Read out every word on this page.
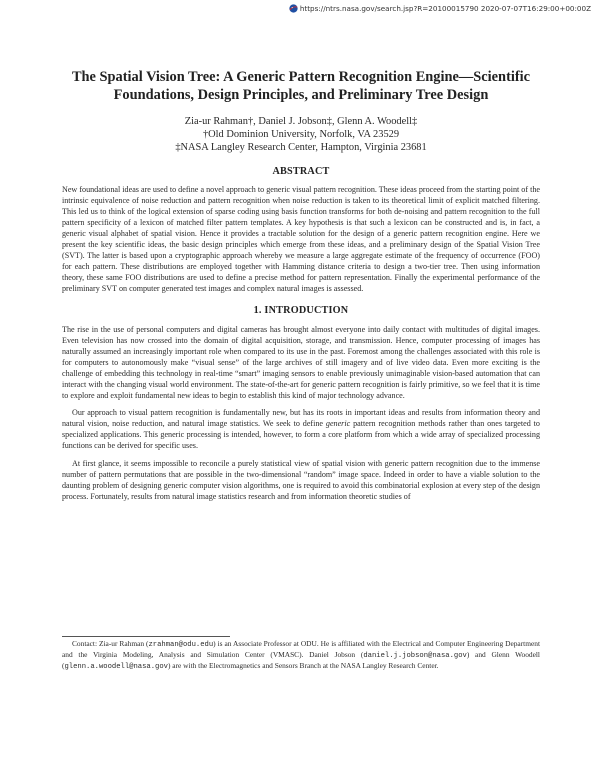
https://ntrs.nasa.gov/search.jsp?R=20100015790 2020-07-07T16:29:00+00:00Z
The Spatial Vision Tree: A Generic Pattern Recognition Engine—Scientific Foundations, Design Principles, and Preliminary Tree Design
Zia-ur Rahman†, Daniel J. Jobson‡, Glenn A. Woodell‡
†Old Dominion University, Norfolk, VA 23529
‡NASA Langley Research Center, Hampton, Virginia 23681
ABSTRACT

New foundational ideas are used to define a novel approach to generic visual pattern recognition. These ideas proceed from the starting point of the intrinsic equivalence of noise reduction and pattern recognition when noise reduction is taken to its theoretical limit of explicit matched filtering. This led us to think of the logical extension of sparse coding using basis function transforms for both de-noising and pattern recognition to the full pattern specificity of a lexicon of matched filter pattern templates. A key hypothesis is that such a lexicon can be constructed and is, in fact, a generic visual alphabet of spatial vision. Hence it provides a tractable solution for the design of a generic pattern recognition engine. Here we present the key scientific ideas, the basic design principles which emerge from these ideas, and a preliminary design of the Spatial Vision Tree (SVT). The latter is based upon a cryptographic approach whereby we measure a large aggregate estimate of the frequency of occurrence (FOO) for each pattern. These distributions are employed together with Hamming distance criteria to design a two-tier tree. Then using information theory, these same FOO distributions are used to define a precise method for pattern representation. Finally the experimental performance of the preliminary SVT on computer generated test images and complex natural images is assessed.

1. INTRODUCTION

The rise in the use of personal computers and digital cameras has brought almost everyone into daily contact with multitudes of digital images. Even television has now crossed into the domain of digital acquisition, storage, and transmission. Hence, computer processing of images has naturally assumed an increasingly important role when compared to its use in the past. Foremost among the challenges associated with this role is for computers to autonomously make “visual sense” of the large archives of still imagery and of live video data. Even more exciting is the challenge of embedding this technology in real-time “smart” imaging sensors to enable previously unimaginable vision-based automation that can interact with the changing visual world environment. The state-of-the-art for generic pattern recognition is fairly primitive, so we feel that it is time to explore and exploit fundamental new ideas to begin to establish this kind of major technology advance.

Our approach to visual pattern recognition is fundamentally new, but has its roots in important ideas and results from information theory and natural vision, noise reduction, and natural image statistics. We seek to define generic pattern recognition methods rather than ones targeted to specialized applications. This generic processing is intended, however, to form a core platform from which a wide array of specialized processing functions can be derived for specific uses.

At first glance, it seems impossible to reconcile a purely statistical view of spatial vision with generic pattern recognition due to the immense number of pattern permutations that are possible in the two-dimensional “random” image space. Indeed in order to have a viable solution to the daunting problem of designing generic computer vision algorithms, one is required to avoid this combinatorial explosion at every step of the design process. Fortunately, results from natural image statistics research and from information theoretic studies of

Contact: Zia-ur Rahman (zrahman@odu.edu) is an Associate Professor at ODU. He is affiliated with the Electrical and Computer Engineering Department and the Virginia Modeling, Analysis and Simulation Center (VMASC). Daniel Jobson (daniel.j.jobson@nasa.gov) and Glenn Woodell (glenn.a.woodell@nasa.gov) are with the Electromagnetics and Sensors Branch at the NASA Langley Research Center.
